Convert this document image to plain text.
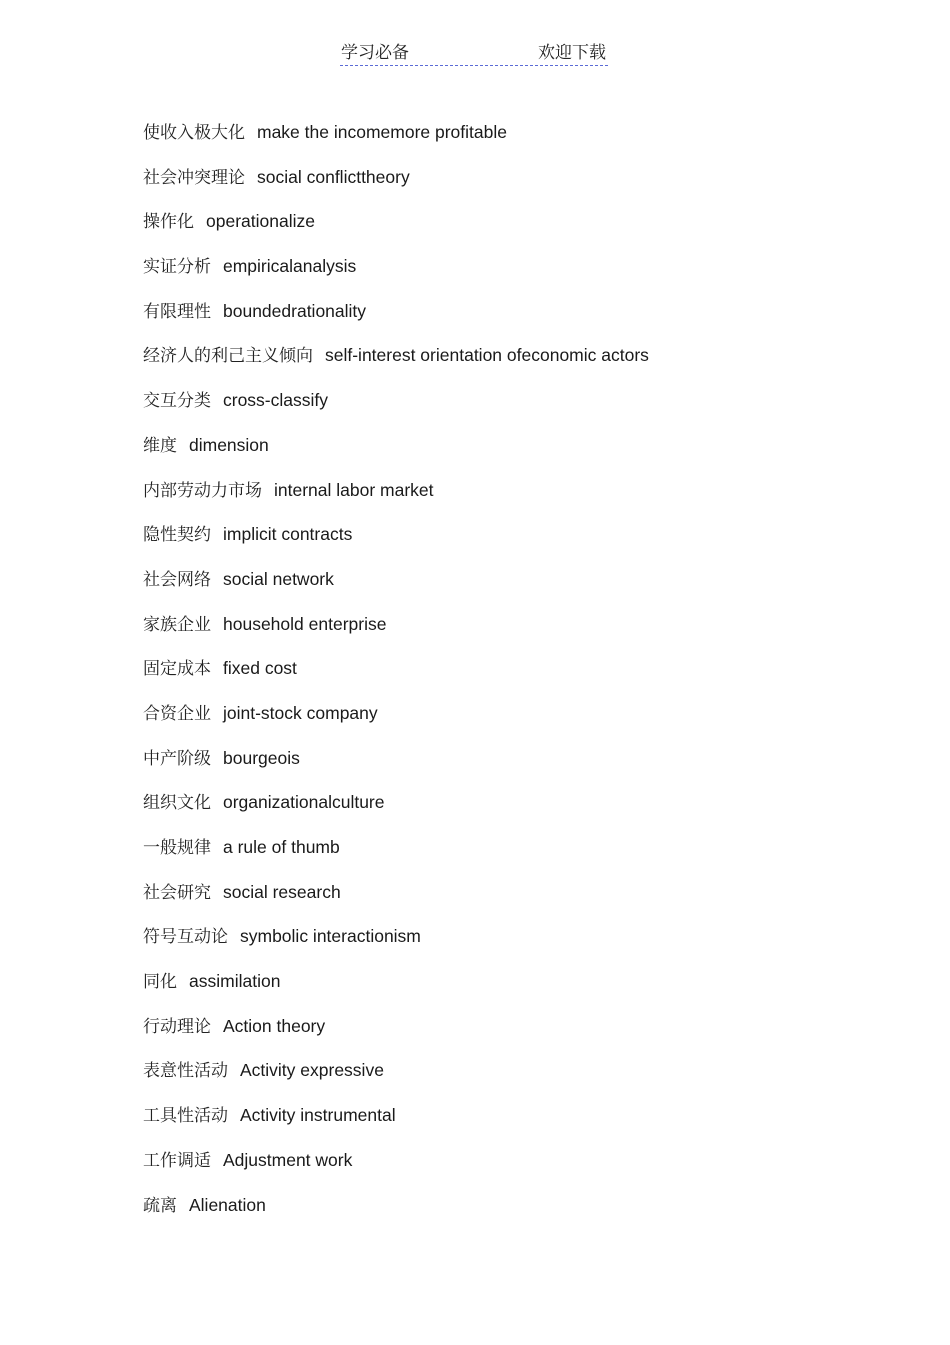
学习必备	欢迎下载
使收入极大化 make the incomemore profitable
社会冲突理论 social conflicttheory
操作化 operationalize
实证分析 empiricalanalysis
有限理性 boundedrationality
经济人的利己主义倾向 self-interest orientation ofeconomic actors
交互分类 cross-classify
维度 dimension
内部劳动力市场 internal labor market
隐性契约 implicit contracts
社会网络 social network
家族企业 household enterprise
固定成本 fixed cost
合资企业 joint-stock company
中产阶级 bourgeois
组织文化 organizationalculture
一般规律 a rule of thumb
社会研究 social research
符号互动论 symbolic interactionism
同化 assimilation
行动理论 Action theory
表意性活动 Activity expressive
工具性活动 Activity instrumental
工作调适 Adjustment work
疏离 Alienation
